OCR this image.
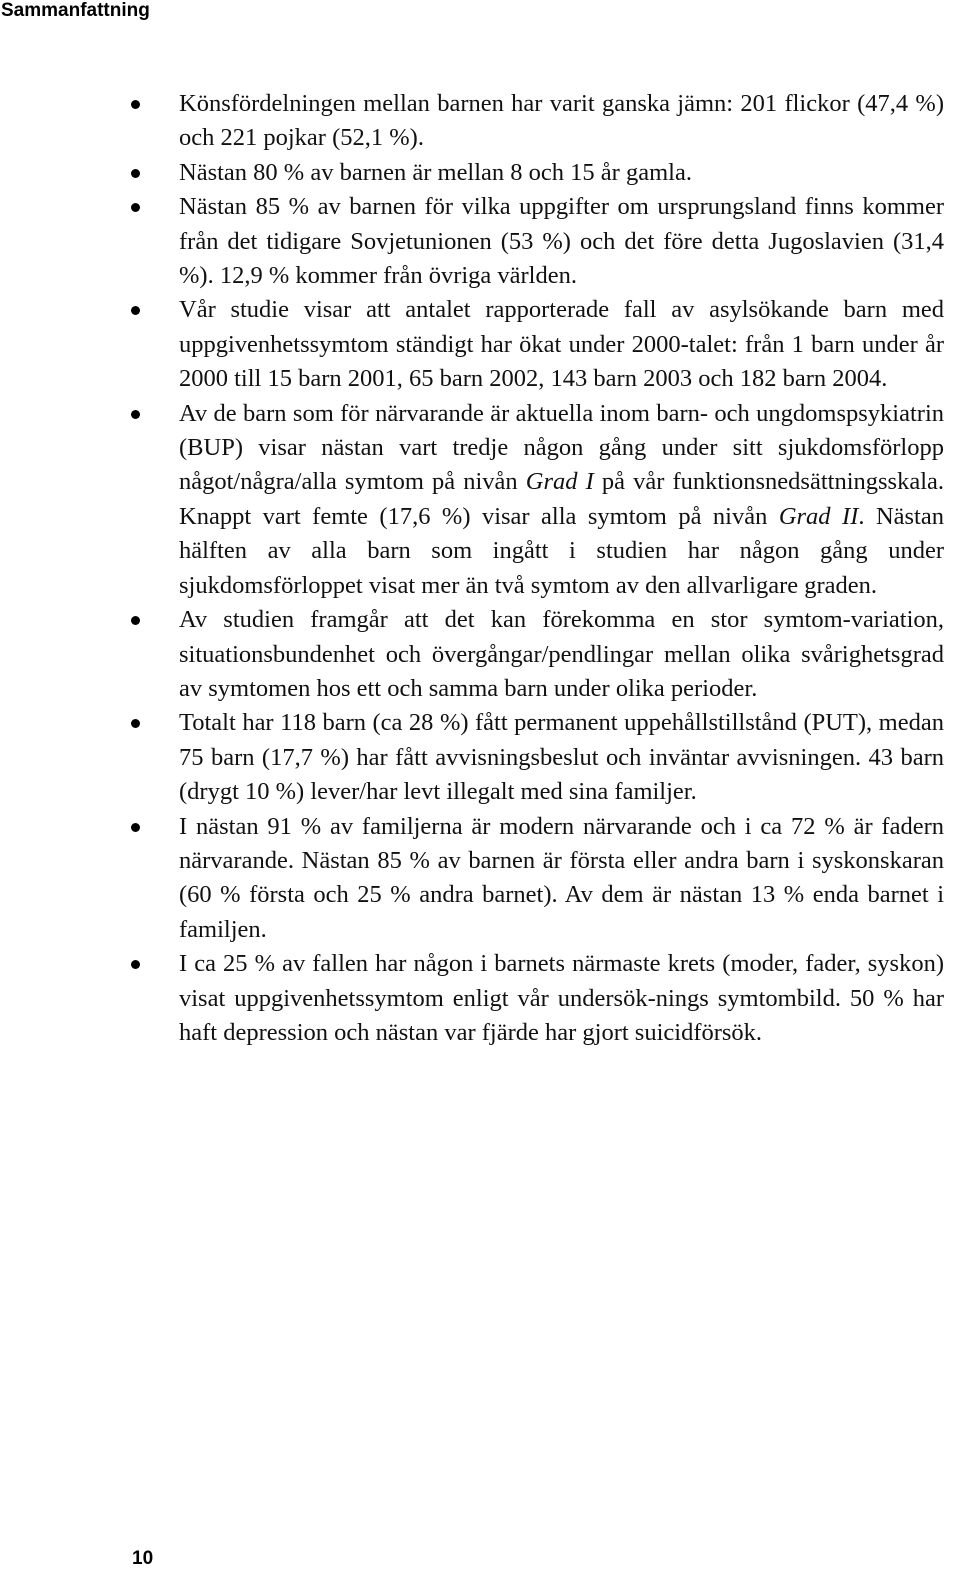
Sammanfattning
Könsfördelningen mellan barnen har varit ganska jämn: 201 flickor (47,4 %) och 221 pojkar (52,1 %).
Nästan 80 % av barnen är mellan 8 och 15 år gamla.
Nästan 85 % av barnen för vilka uppgifter om ursprungsland finns kommer från det tidigare Sovjetunionen (53 %) och det före detta Jugoslavien (31,4 %). 12,9 % kommer från övriga världen.
Vår studie visar att antalet rapporterade fall av asylsökande barn med uppgivenhetssymtom ständigt har ökat under 2000-talet: från 1 barn under år 2000 till 15 barn 2001, 65 barn 2002, 143 barn 2003 och 182 barn 2004.
Av de barn som för närvarande är aktuella inom barn- och ungdomspsykiatrin (BUP) visar nästan vart tredje någon gång under sitt sjukdomsförlopp något/några/alla symtom på nivån Grad I på vår funktionsnedsättningsskala. Knappt vart femte (17,6 %) visar alla symtom på nivån Grad II. Nästan hälften av alla barn som ingått i studien har någon gång under sjukdomsförloppet visat mer än två symtom av den allvarligare graden.
Av studien framgår att det kan förekomma en stor symtom-variation, situationsbundenhet och övergångar/pendlingar mellan olika svårighetsgrad av symtomen hos ett och samma barn under olika perioder.
Totalt har 118 barn (ca 28 %) fått permanent uppehållstillstånd (PUT), medan 75 barn (17,7 %) har fått avvisningsbeslut och inväntar avvisningen. 43 barn (drygt 10 %) lever/har levt illegalt med sina familjer.
I nästan 91 % av familjerna är modern närvarande och i ca 72 % är fadern närvarande. Nästan 85 % av barnen är första eller andra barn i syskonskaran (60 % första och 25 % andra barnet). Av dem är nästan 13 % enda barnet i familjen.
I ca 25 % av fallen har någon i barnets närmaste krets (moder, fader, syskon) visat uppgivenhetssymtom enligt vår undersök-nings symtombild. 50 % har haft depression och nästan var fjärde har gjort suicidförsök.
10
